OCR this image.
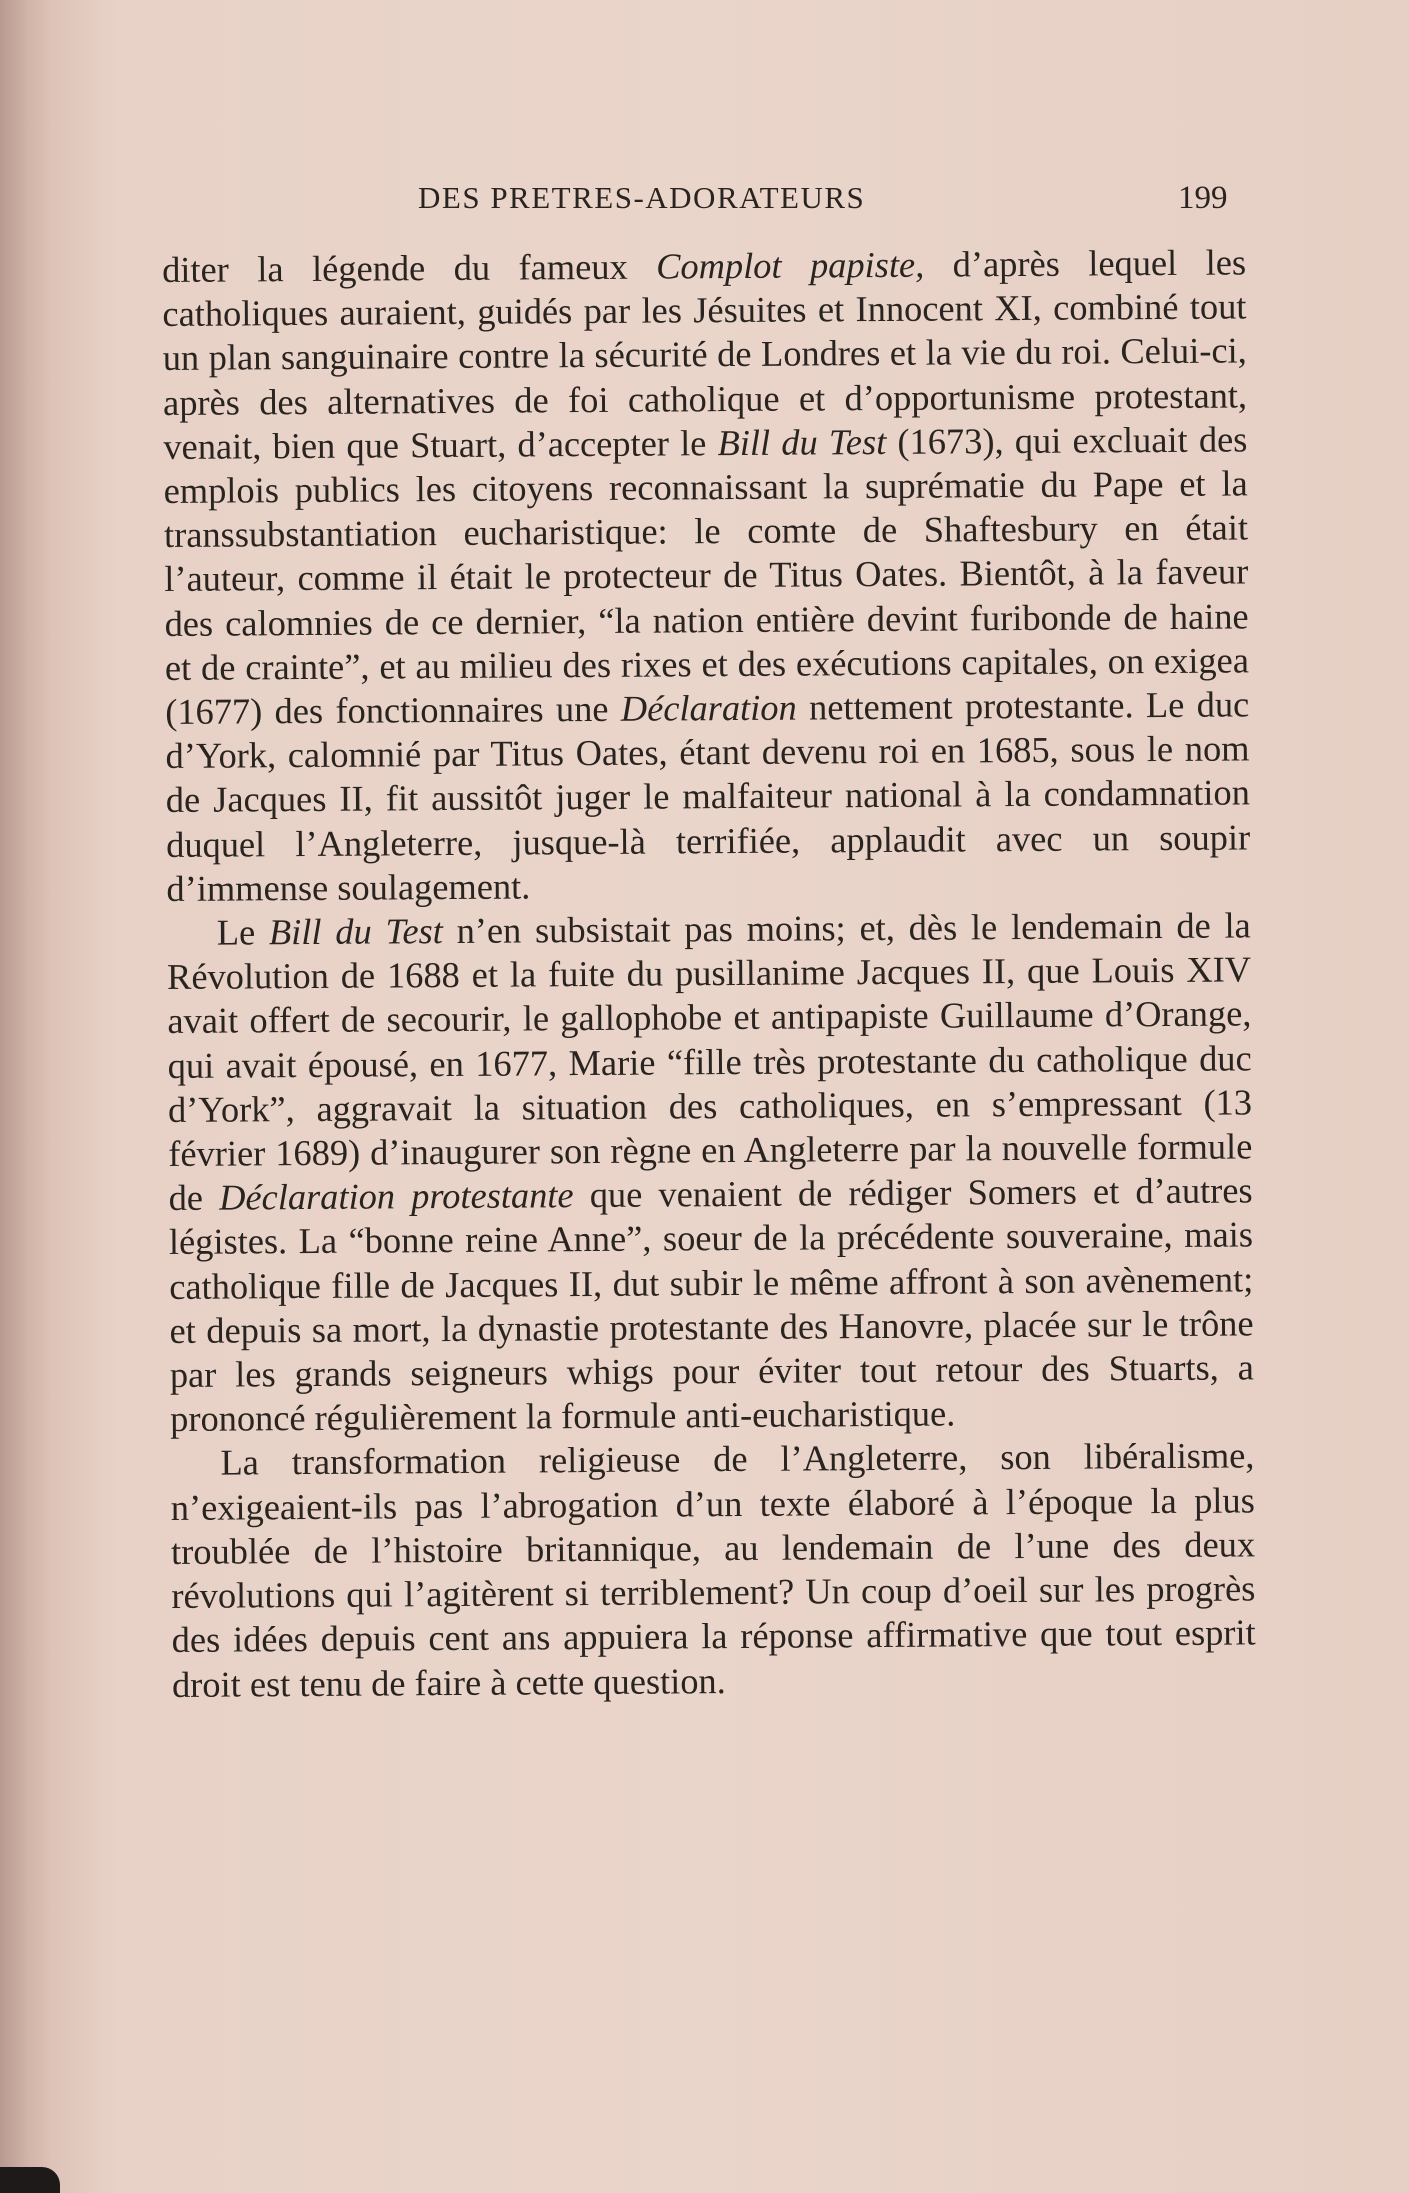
DES PRETRES-ADORATEURS	199

diter la légende du fameux Complot papiste, d’après lequel les catholiques auraient, guidés par les Jésuites et Innocent XI, combiné tout un plan sanguinaire contre la sécurité de Londres et la vie du roi. Celui-ci, après des alternatives de foi catholique et d’opportunisme protestant, venait, bien que Stuart, d’accepter le Bill du Test (1673), qui excluait des emplois publics les citoyens reconnaissant la suprématie du Pape et la transsubstantiation eucharistique: le comte de Shaftesbury en était l’auteur, comme il était le protecteur de Titus Oates. Bientôt, à la faveur des calomnies de ce dernier, “la nation entière devint furibonde de haine et de crainte”, et au milieu des rixes et des exécutions capitales, on exigea (1677) des fonctionnaires une Déclaration nettement protestante. Le duc d’York, calomnié par Titus Oates, étant devenu roi en 1685, sous le nom de Jacques II, fit aussitôt juger le malfaiteur national à la condamnation duquel l’Angleterre, jusque-là terrifiée, applaudit avec un soupir d’immense soulagement.

Le Bill du Test n’en subsistait pas moins; et, dès le lendemain de la Révolution de 1688 et la fuite du pusillanime Jacques II, que Louis XIV avait offert de secourir, le gallophobe et antipapiste Guillaume d’Orange, qui avait épousé, en 1677, Marie “fille très protestante du catholique duc d’York”, aggravait la situation des catholiques, en s’empressant (13 février 1689) d’inaugurer son règne en Angleterre par la nouvelle formule de Déclaration protestante que venaient de rédiger Somers et d’autres légistes. La “bonne reine Anne”, soeur de la précédente souveraine, mais catholique fille de Jacques II, dut subir le même affront à son avènement; et depuis sa mort, la dynastie protestante des Hanovre, placée sur le trône par les grands seigneurs whigs pour éviter tout retour des Stuarts, a prononcé régulièrement la formule anti-eucharistique.

La transformation religieuse de l’Angleterre, son libéralisme, n’exigeaient-ils pas l’abrogation d’un texte élaboré à l’époque la plus troublée de l’histoire britannique, au lendemain de l’une des deux révolutions qui l’agitèrent si terriblement? Un coup d’oeil sur les progrès des idées depuis cent ans appuiera la réponse affirmative que tout esprit droit est tenu de faire à cette question.
